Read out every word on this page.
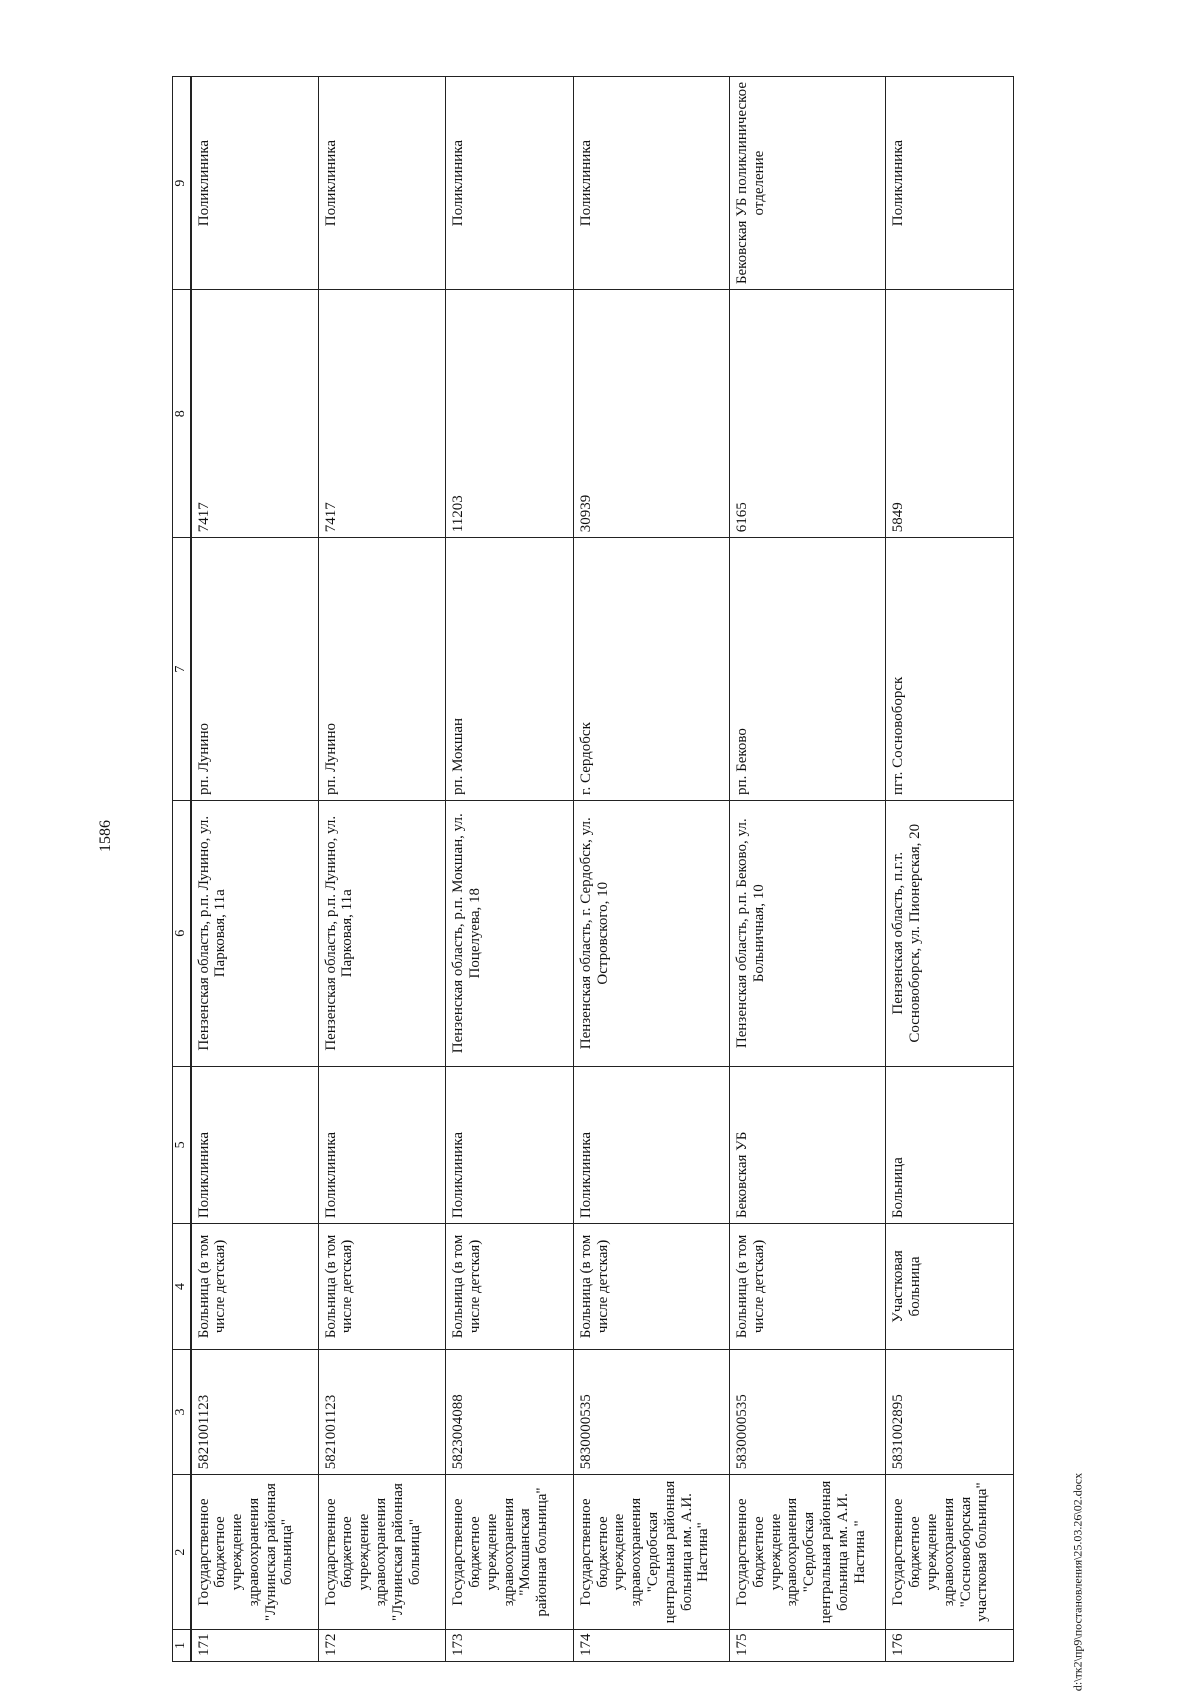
1586
1	2	3	4	5	6	7	8	9
171	Государственное бюджетное учреждение здравоохранения "Лунинская районная больница"	5821001123	Больница (в том числе детская)	Поликлиника	Пензенская область, р.п. Лунино, ул. Парковая, 11а	рп. Лунино	7417	Поликлиника
172	Государственное бюджетное учреждение здравоохранения "Лунинская районная больница"	5821001123	Больница (в том числе детская)	Поликлиника	Пензенская область, р.п. Лунино, ул. Парковая, 11а	рп. Лунино	7417	Поликлиника
173	Государственное бюджетное учреждение здравоохранения "Мокшанская районная больница"	5823004088	Больница (в том числе детская)	Поликлиника	Пензенская область, р.п. Мокшан, ул. Поцелуева, 18	рп. Мокшан	11203	Поликлиника
174	Государственное бюджетное учреждение здравоохранения "Сердобская центральная районная больница им. А.И. Настина"	5830000535	Больница (в том числе детская)	Поликлиника	Пензенская область, г. Сердобск, ул. Островского, 10	г. Сердобск	30939	Поликлиника
175	Государственное бюджетное учреждение здравоохранения "Сердобская центральная районная больница им. А.И. Настина "	5830000535	Больница (в том числе детская)	Бековская УБ	Пензенская область, р.п. Беково, ул. Больничная, 10	рп. Беково	6165	Бековская УБ поликлиническое отделение
176	Государственное бюджетное учреждение здравоохранения "Сосновоборская участковая больница"	5831002895	Участковая больница	Больница	Пензенская область, п.г.т. Сосновоборск, ул. Пионерская, 20	пгт. Сосновоборск	5849	Поликлиника
d:\тк2\пр9\постановления\25.03.26\02.docx
